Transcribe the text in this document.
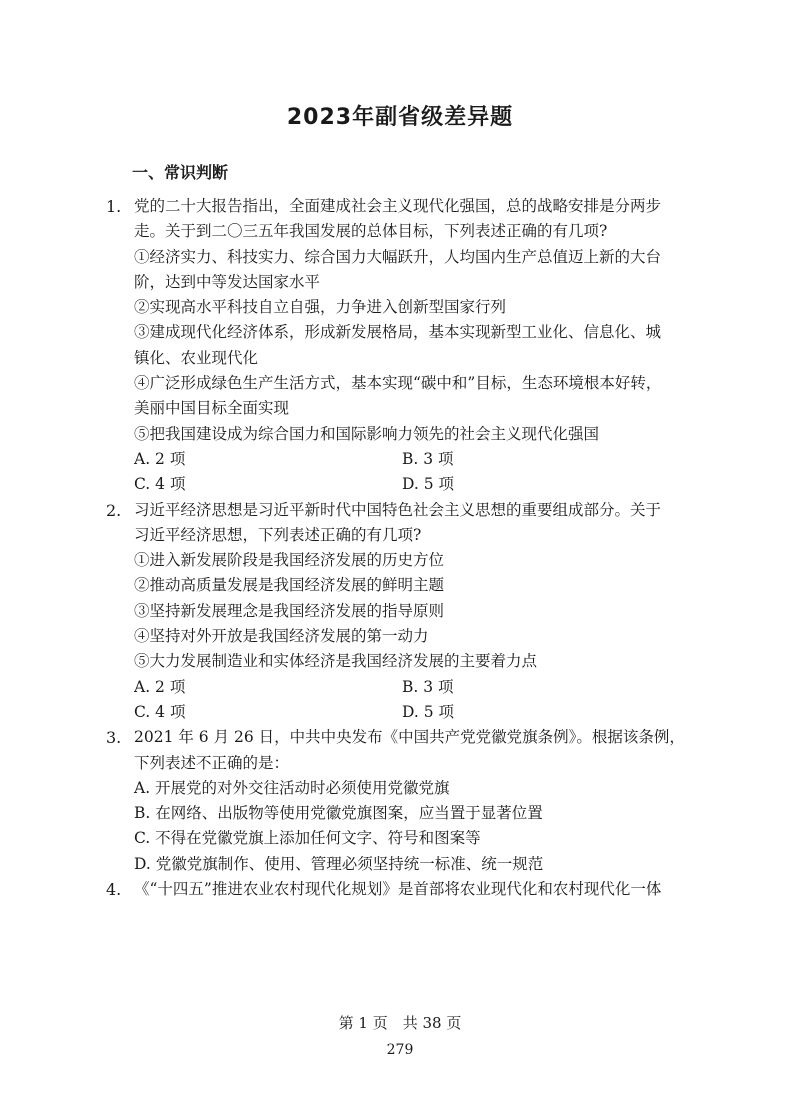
2023年副省级差异题
一、常识判断
1. 党的二十大报告指出，全面建成社会主义现代化强国，总的战略安排是分两步
走。关于到二〇三五年我国发展的总体目标，下列表述正确的有几项?
①经济实力、科技实力、综合国力大幅跃升，人均国内生产总值迈上新的大台
阶，达到中等发达国家水平
②实现高水平科技自立自强，力争进入创新型国家行列
③建成现代化经济体系，形成新发展格局，基本实现新型工业化、信息化、城
镇化、农业现代化
④广泛形成绿色生产生活方式，基本实现“碳中和”目标，生态环境根本好转，
美丽中国目标全面实现
⑤把我国建设成为综合国力和国际影响力领先的社会主义现代化强国
A. 2 项	B. 3 项
C. 4 项	D. 5 项
2. 习近平经济思想是习近平新时代中国特色社会主义思想的重要组成部分。关于
习近平经济思想，下列表述正确的有几项?
①进入新发展阶段是我国经济发展的历史方位
②推动高质量发展是我国经济发展的鲜明主题
③坚持新发展理念是我国经济发展的指导原则
④坚持对外开放是我国经济发展的第一动力
⑤大力发展制造业和实体经济是我国经济发展的主要着力点
A. 2 项	B. 3 项
C. 4 项	D. 5 项
3. 2021 年 6 月 26 日，中共中央发布《中国共产党党徽党旗条例》。根据该条例，
下列表述不正确的是：
A. 开展党的对外交往活动时必须使用党徽党旗
B. 在网络、出版物等使用党徽党旗图案，应当置于显著位置
C. 不得在党徽党旗上添加任何文字、符号和图案等
D. 党徽党旗制作、使用、管理必须坚持统一标准、统一规范
4. 《“十四五”推进农业农村现代化规划》是首部将农业现代化和农村现代化一体
第 1 页　共 38 页
279
